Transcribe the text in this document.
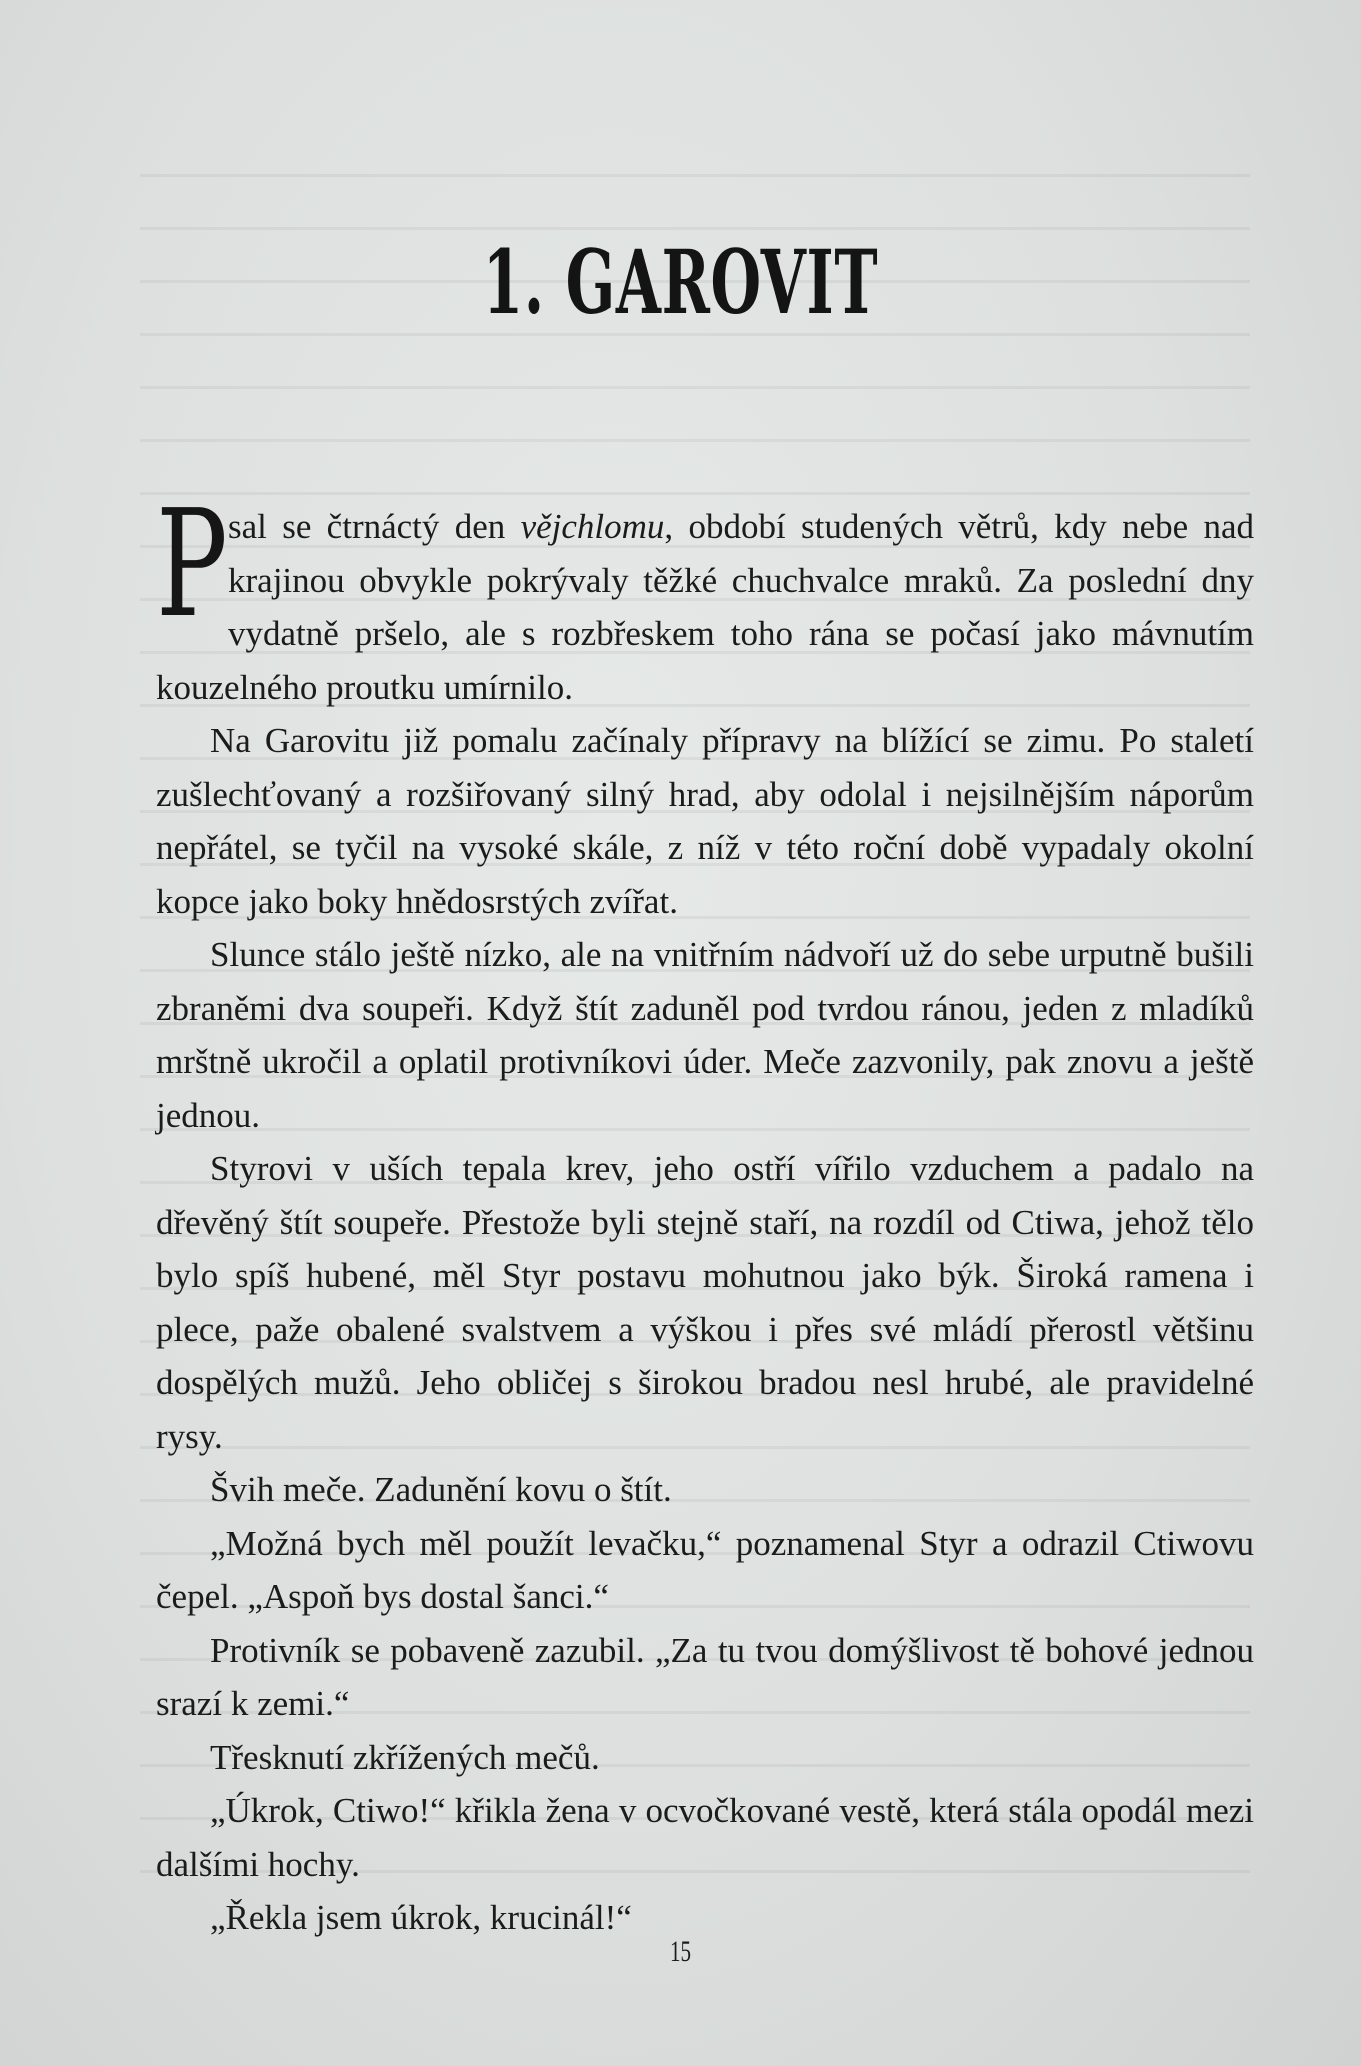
1. GAROVIT

Psal se čtrnáctý den vějchlomu, období studených větrů, kdy nebe nad krajinou obvykle pokrývaly těžké chuchvalce mraků. Za poslední dny vydatně pršelo, ale s rozbřeskem toho rána se počasí jako mávnutím kouzelného proutku umírnilo.

Na Garovitu již pomalu začínaly přípravy na blížící se zimu. Po staletí zušlechťovaný a rozšiřovaný silný hrad, aby odolal i nejsilnějším náporům nepřátel, se tyčil na vysoké skále, z níž v této roční době vypadaly okolní kopce jako boky hnědosrstých zvířat.

Slunce stálo ještě nízko, ale na vnitřním nádvoří už do sebe urputně bušili zbraněmi dva soupeři. Když štít zaduněl pod tvrdou ránou, jeden z mladíků mrštně ukročil a oplatil protivníkovi úder. Meče zazvonily, pak znovu a ještě jednou.

Styrovi v uších tepala krev, jeho ostří vířilo vzduchem a padalo na dřevěný štít soupeře. Přestože byli stejně staří, na rozdíl od Ctiwa, jehož tělo bylo spíš hubené, měl Styr postavu mohutnou jako býk. Široká ramena i plece, paže obalené svalstvem a výškou i přes své mládí přerostl většinu dospělých mužů. Jeho obličej s širokou bradou nesl hrubé, ale pravidelné rysy.

Švih meče. Zadunění kovu o štít.

„Možná bych měl použít levačku,“ poznamenal Styr a odrazil Ctiwovu čepel. „Aspoň bys dostal šanci.“

Protivník se pobaveně zazubil. „Za tu tvou domýšlivost tě bohové jednou srazí k zemi.“

Třesknutí zkřížených mečů.

„Úkrok, Ctiwo!“ křikla žena v ocvočkované vestě, která stála opodál mezi dalšími hochy.

„Řekla jsem úkrok, krucinál!“

15
